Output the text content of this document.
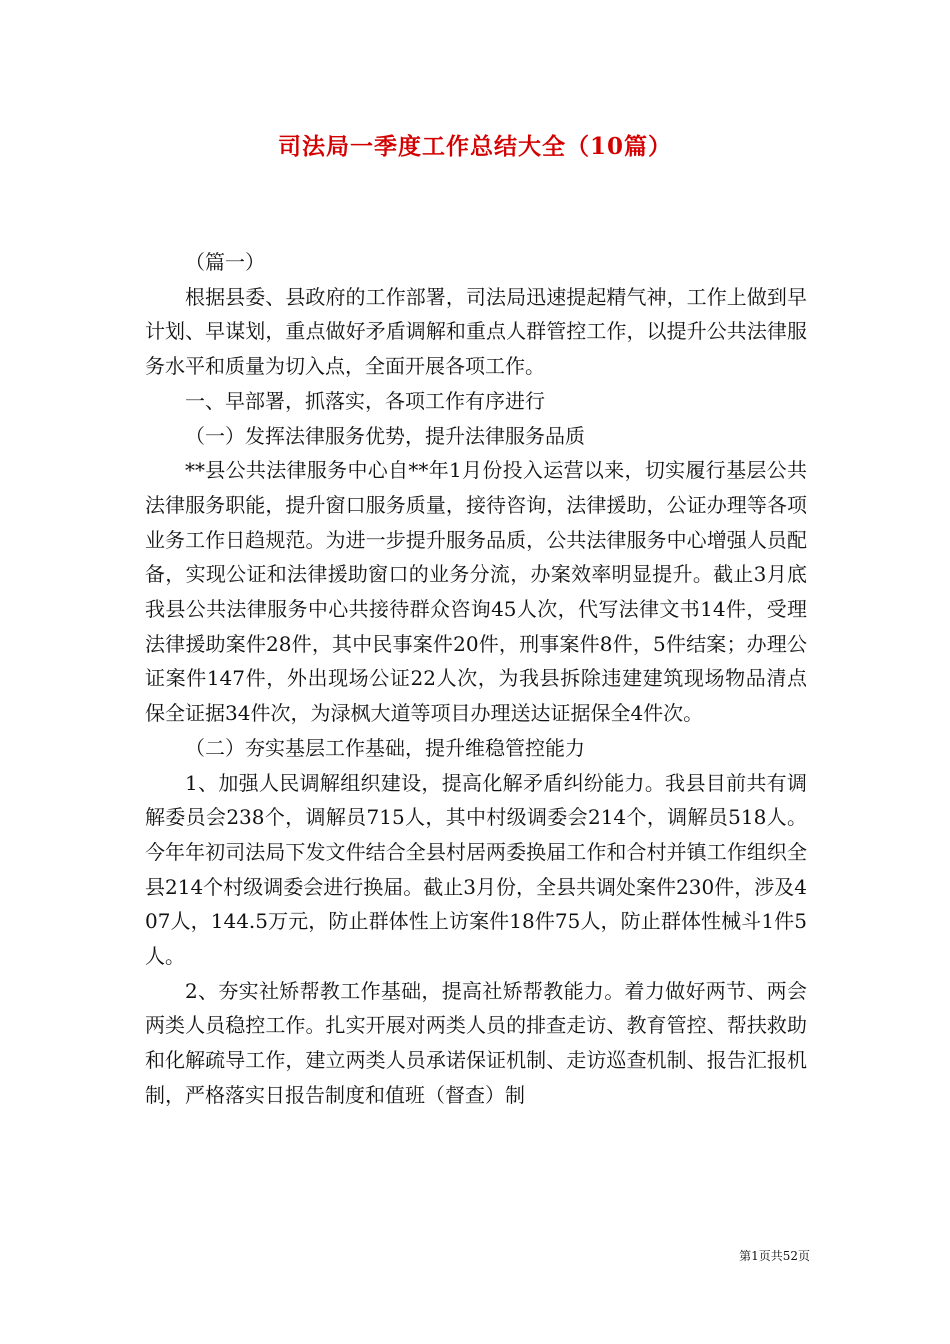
司法局一季度工作总结大全（10篇）

（篇一）

根据县委、县政府的工作部署，司法局迅速提起精气神，工作上做到早计划、早谋划，重点做好矛盾调解和重点人群管控工作，以提升公共法律服务水平和质量为切入点，全面开展各项工作。

一、早部署，抓落实，各项工作有序进行

（一）发挥法律服务优势，提升法律服务品质

**县公共法律服务中心自**年1月份投入运营以来，切实履行基层公共法律服务职能，提升窗口服务质量，接待咨询，法律援助，公证办理等各项业务工作日趋规范。为进一步提升服务品质，公共法律服务中心增强人员配备，实现公证和法律援助窗口的业务分流，办案效率明显提升。截止3月底我县公共法律服务中心共接待群众咨询45人次，代写法律文书14件，受理法律援助案件28件，其中民事案件20件，刑事案件8件，5件结案；办理公证案件147件，外出现场公证22人次，为我县拆除违建建筑现场物品清点保全证据34件次，为渌枫大道等项目办理送达证据保全4件次。

（二）夯实基层工作基础，提升维稳管控能力

1、加强人民调解组织建设，提高化解矛盾纠纷能力。我县目前共有调解委员会238个，调解员715人，其中村级调委会214个，调解员518人。今年年初司法局下发文件结合全县村居两委换届工作和合村并镇工作组织全县214个村级调委会进行换届。截止3月份，全县共调处案件230件，涉及407人，144.5万元，防止群体性上访案件18件75人，防止群体性械斗1件5人。

2、夯实社矫帮教工作基础，提高社矫帮教能力。着力做好两节、两会两类人员稳控工作。扎实开展对两类人员的排查走访、教育管控、帮扶救助和化解疏导工作，建立两类人员承诺保证机制、走访巡查机制、报告汇报机制，严格落实日报告制度和值班（督查）制

第1页共52页
